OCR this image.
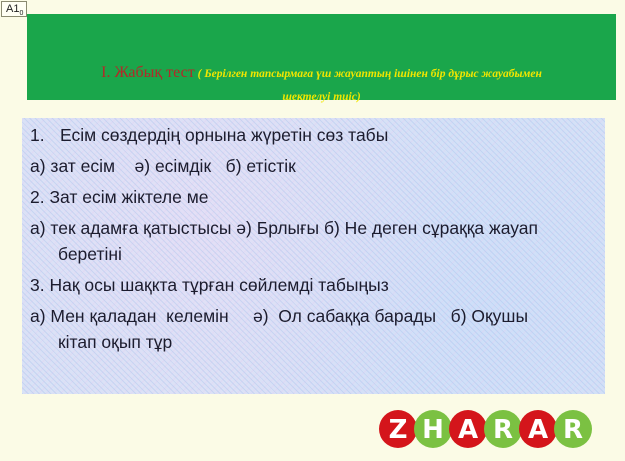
$A1_0$
I. Жабық тест ( Берілген тапсырмаға үш жауаптың ішінен бір дұрыс жауабымен
шектелуі тиіс)

1. Есім сөздердің орнына жүретін сөз табы

а) зат есім    ә) есімдік   б) етістік

2. Зат есім жіктеле ме

а) тек адамға қатыстысы ә) Брлығы б) Не деген сұраққа жауап

беретіні

3. Нақ осы шақкта тұрған сөйлемді табыңыз

а) Мен қаладан  келемін     ә)  Ол сабаққа барады   б) Оқушы

кітап оқып тұр

Z H A R A R
